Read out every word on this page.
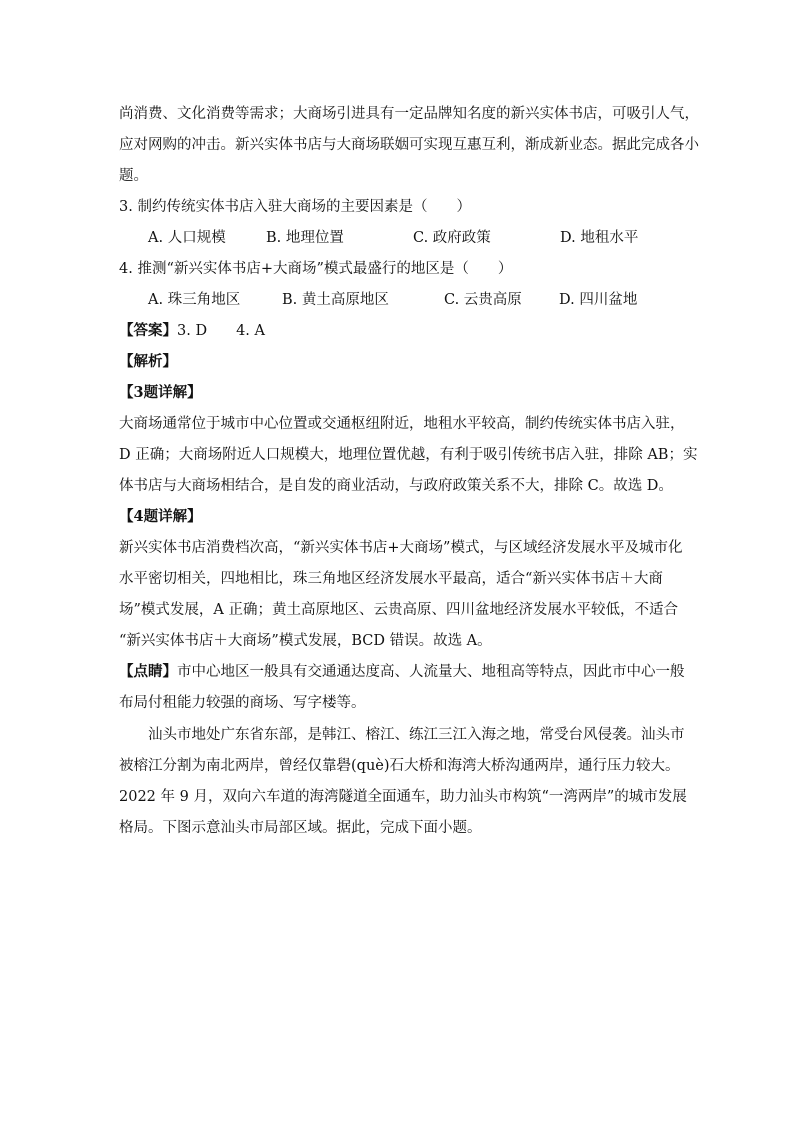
尚消费、文化消费等需求；大商场引进具有一定品牌知名度的新兴实体书店，可吸引人气，
应对网购的冲击。新兴实体书店与大商场联姻可实现互惠互利，渐成新业态。据此完成各小
题。
3. 制约传统实体书店入驻大商场的主要因素是（　　）
A. 人口规模	B. 地理位置	C. 政府政策	D. 地租水平
4. 推测“新兴实体书店+大商场”模式最盛行的地区是（　　）
A. 珠三角地区	B. 黄土高原地区	C. 云贵高原	D. 四川盆地
【答案】3. D　　4. A
【解析】
【3题详解】
大商场通常位于城市中心位置或交通枢纽附近，地租水平较高，制约传统实体书店入驻，
D 正确；大商场附近人口规模大，地理位置优越，有利于吸引传统书店入驻，排除 AB；实
体书店与大商场相结合，是自发的商业活动，与政府政策关系不大，排除 C。故选 D。
【4题详解】
新兴实体书店消费档次高，“新兴实体书店+大商场”模式，与区域经济发展水平及城市化
水平密切相关，四地相比，珠三角地区经济发展水平最高，适合“新兴实体书店＋大商
场”模式发展，A 正确；黄土高原地区、云贵高原、四川盆地经济发展水平较低，不适合
“新兴实体书店＋大商场”模式发展，BCD 错误。故选 A。
【点睛】市中心地区一般具有交通通达度高、人流量大、地租高等特点，因此市中心一般
布局付租能力较强的商场、写字楼等。
　　汕头市地处广东省东部，是韩江、榕江、练江三江入海之地，常受台风侵袭。汕头市
被榕江分割为南北两岸，曾经仅靠礐(què)石大桥和海湾大桥沟通两岸，通行压力较大。
2022 年 9 月，双向六车道的海湾隧道全面通车，助力汕头市构筑“一湾两岸”的城市发展
格局。下图示意汕头市局部区域。据此，完成下面小题。
